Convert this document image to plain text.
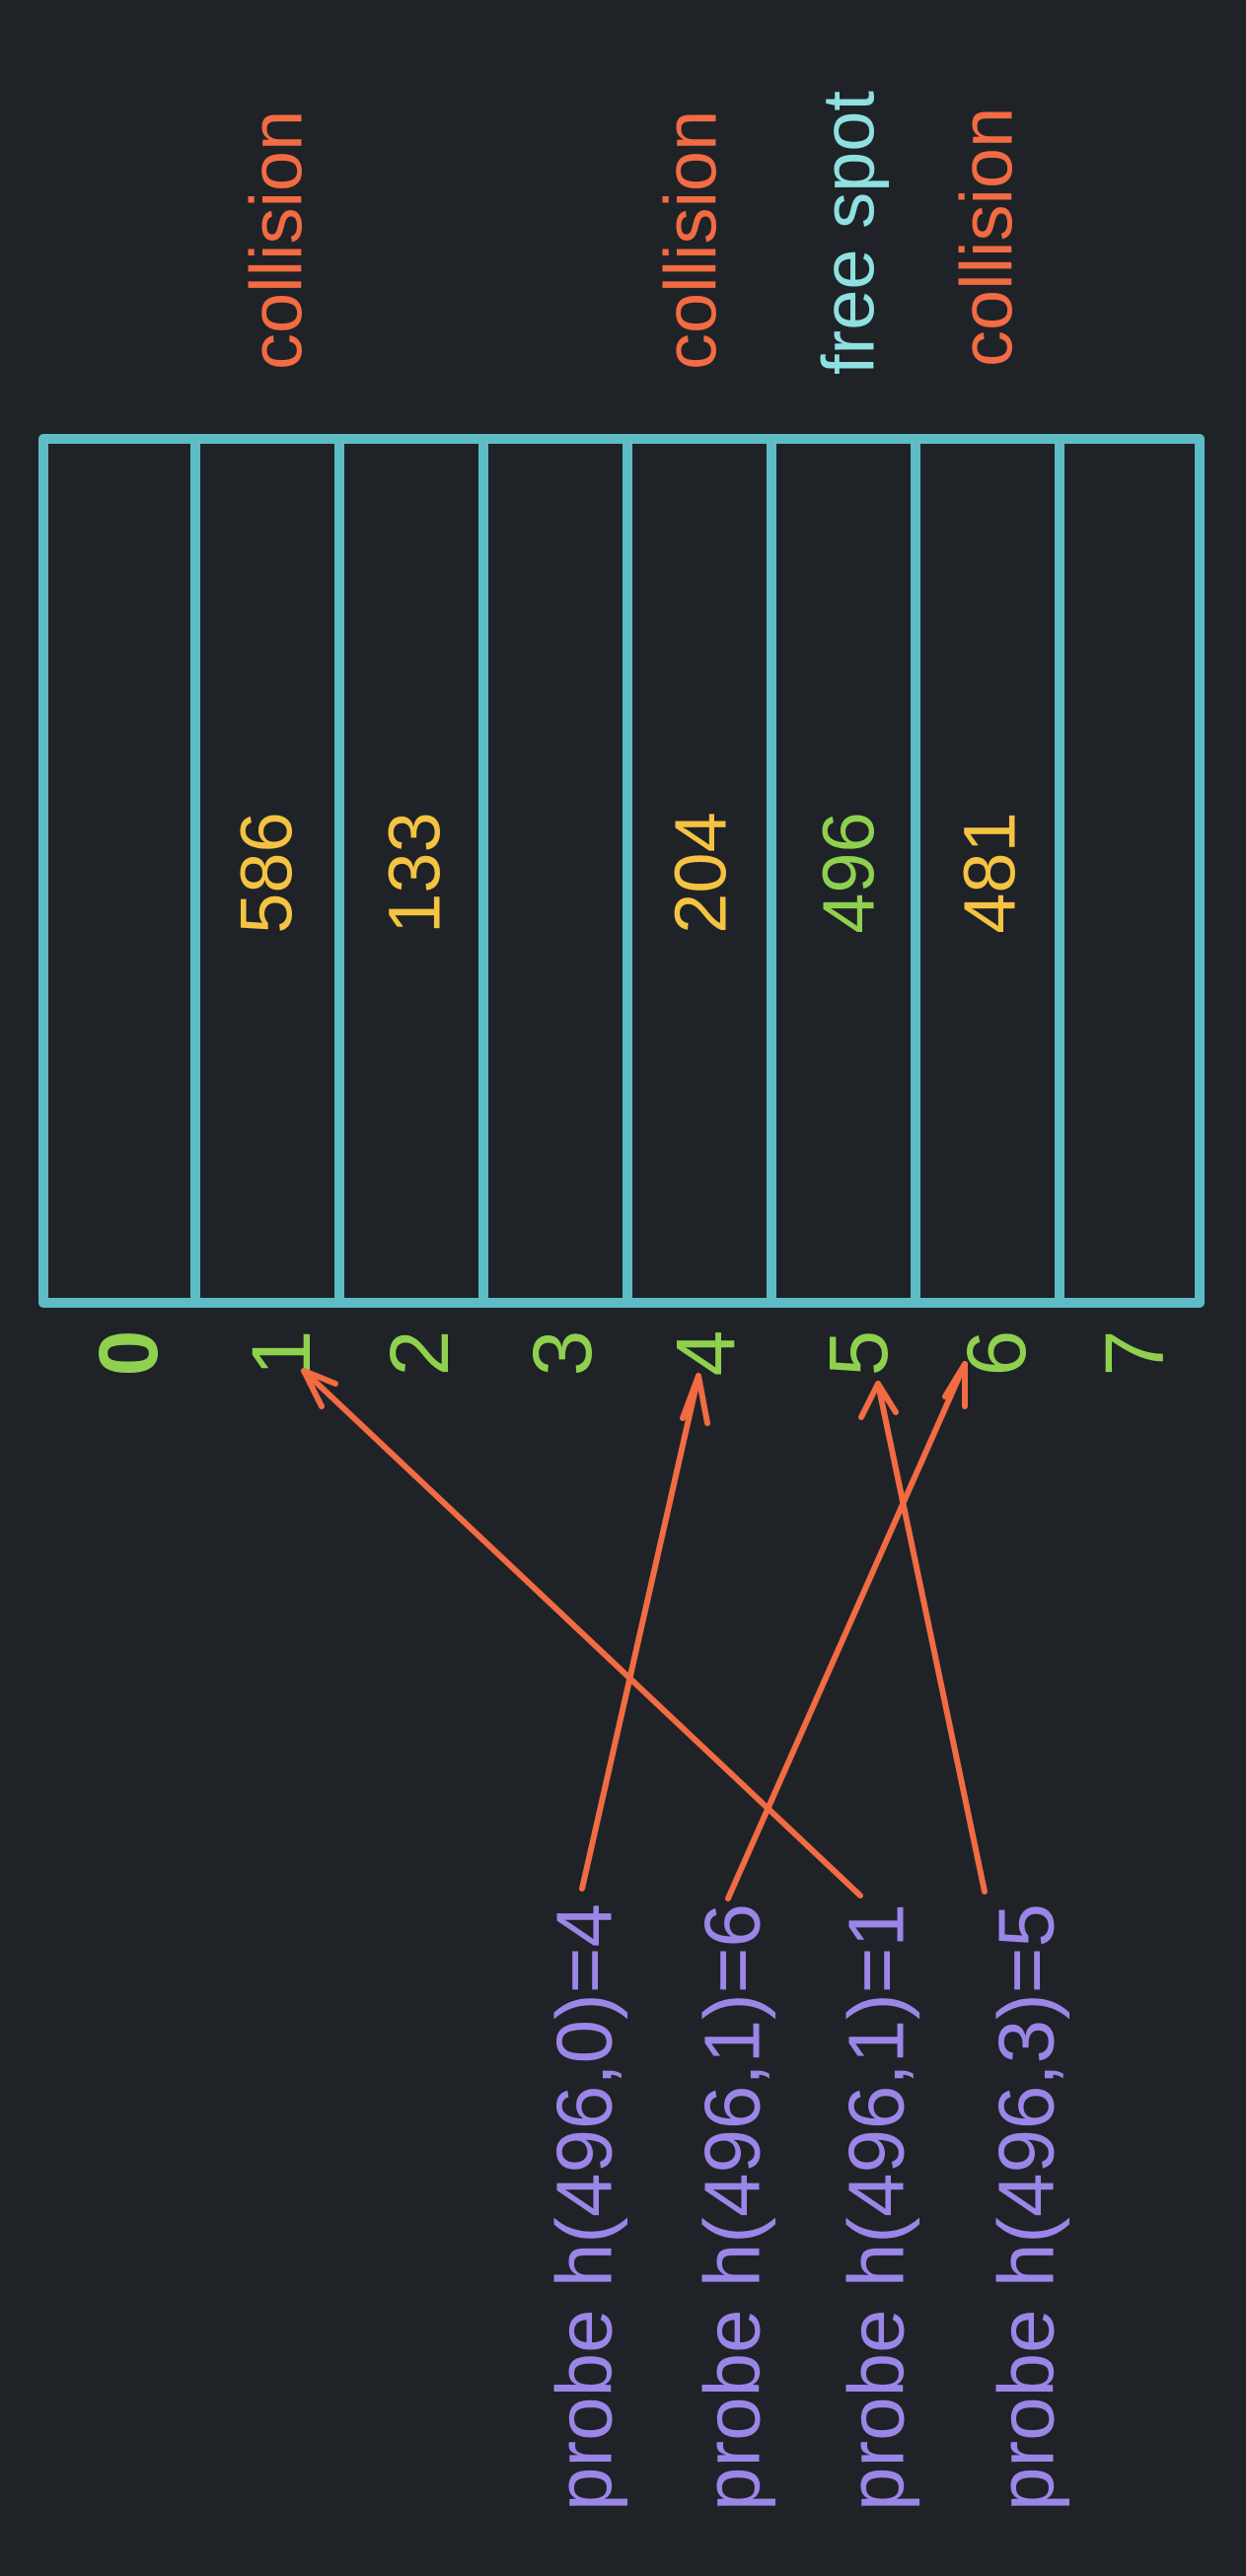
586 133	204 496 481
collision	collision free spot collision
0 1 2 3 4 5 6 7
probe h(496,0)=4 probe h(496,1)=6 probe h(496,1)=1 probe h(496,3)=5
